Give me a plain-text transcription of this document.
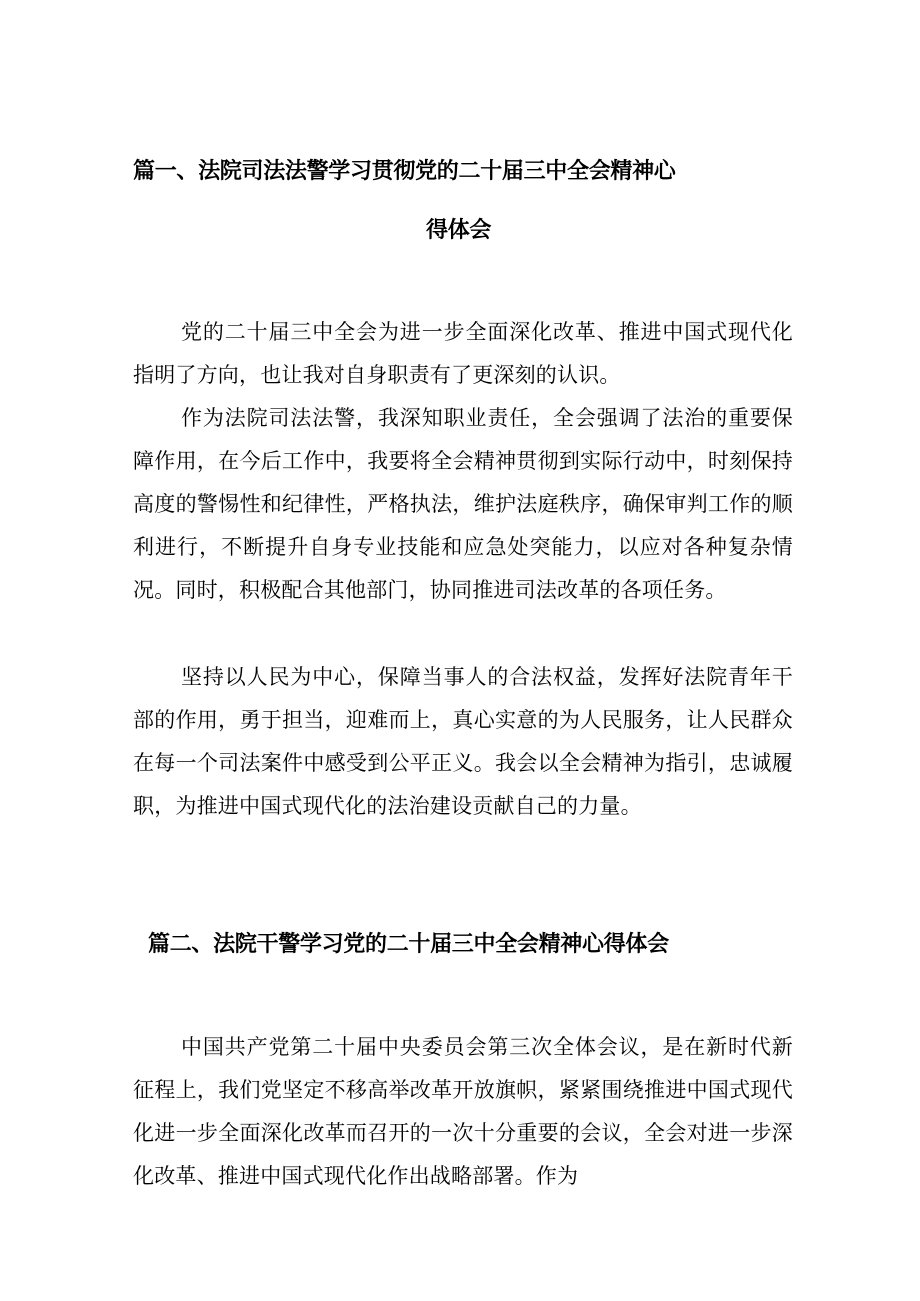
篇一、法院司法法警学习贯彻党的二十届三中全会精神心
得体会

党的二十届三中全会为进一步全面深化改革、推进中国式现代化指明了方向，也让我对自身职责有了更深刻的认识。

作为法院司法法警，我深知职业责任，全会强调了法治的重要保障作用，在今后工作中，我要将全会精神贯彻到实际行动中，时刻保持高度的警惕性和纪律性，严格执法，维护法庭秩序，确保审判工作的顺利进行，不断提升自身专业技能和应急处突能力，以应对各种复杂情况。同时，积极配合其他部门，协同推进司法改革的各项任务。

坚持以人民为中心，保障当事人的合法权益，发挥好法院青年干部的作用，勇于担当，迎难而上，真心实意的为人民服务，让人民群众在每一个司法案件中感受到公平正义。我会以全会精神为指引，忠诚履职，为推进中国式现代化的法治建设贡献自己的力量。

篇二、法院干警学习党的二十届三中全会精神心得体会

中国共产党第二十届中央委员会第三次全体会议，是在新时代新征程上，我们党坚定不移高举改革开放旗帜，紧紧围绕推进中国式现代化进一步全面深化改革而召开的一次十分重要的会议，全会对进一步深化改革、推进中国式现代化作出战略部署。作为
